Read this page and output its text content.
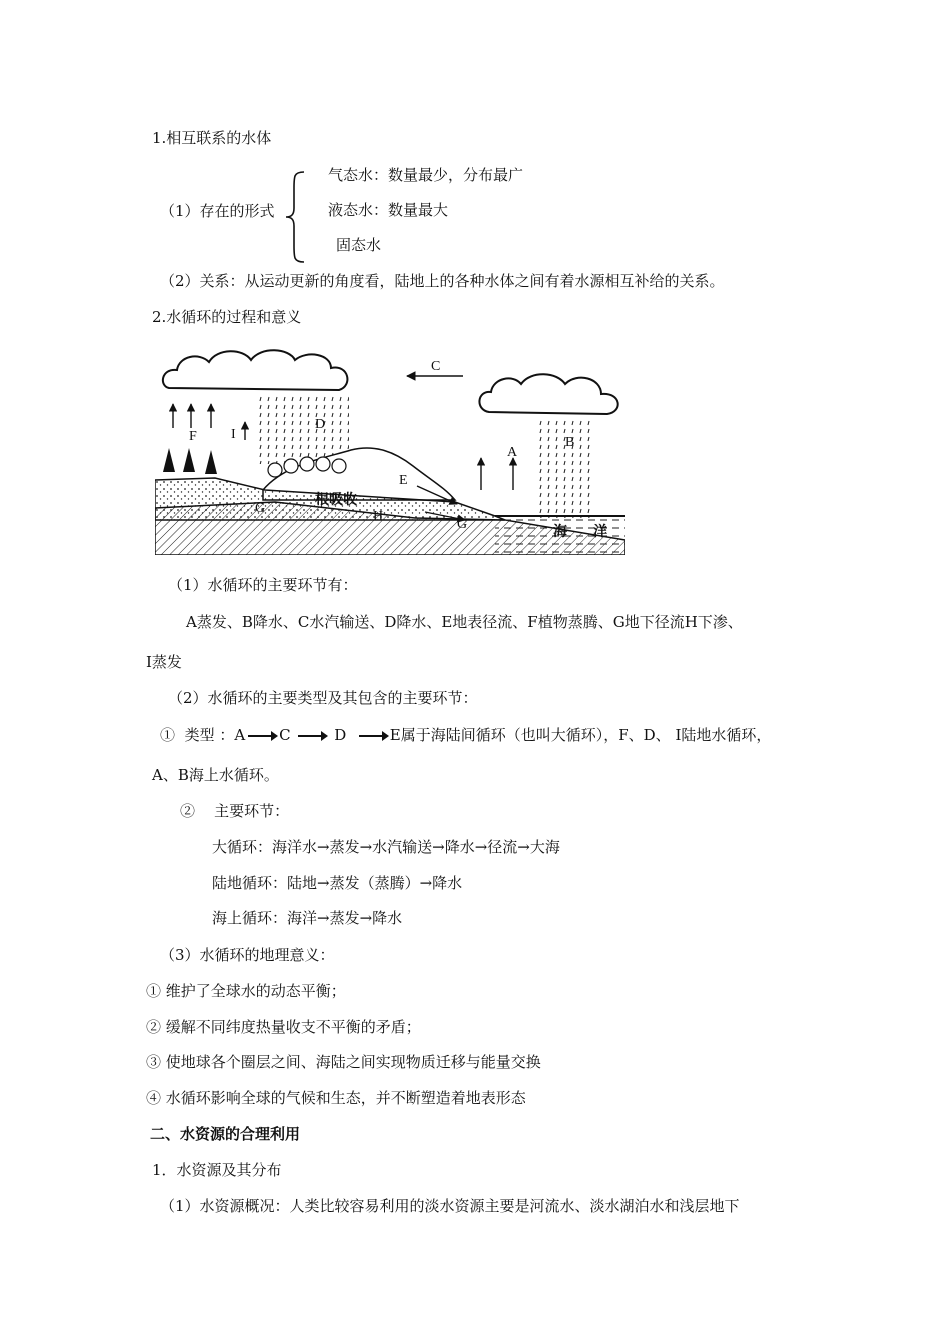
1.相互联系的水体
（1）存在的形式
气态水：数量最少，分布最广
液态水：数量最大
固态水
（2）关系：从运动更新的角度看，陆地上的各种水体之间有着水源相互补给的关系。
2.水循环的过程和意义
A
B
C
D
E
F
G
G
H
I
根吸收
海 洋
（1）水循环的主要环节有：
A蒸发、B降水、C水汽输送、D降水、E地表径流、F植物蒸腾、G地下径流H下渗、
I蒸发
（2）水循环的主要类型及其包含的主要环节：
① 类型 ：A C	D	E属于海陆间循环（也叫大循环），F、D、 I陆地水循环，
A、B海上水循环。
② 主要环节：
大循环：海洋水→蒸发→水汽输送→降水→径流→大海
陆地循环：陆地→蒸发（蒸腾）→降水
海上循环：海洋→蒸发→降水
（3）水循环的地理意义：
① 维护了全球水的动态平衡；
② 缓解不同纬度热量收支不平衡的矛盾；
③ 使地球各个圈层之间、海陆之间实现物质迁移与能量交换
④ 水循环影响全球的气候和生态，并不断塑造着地表形态
二、水资源的合理利用
1．水资源及其分布
（1）水资源概况：人类比较容易利用的淡水资源主要是河流水、淡水湖泊水和浅层地下
